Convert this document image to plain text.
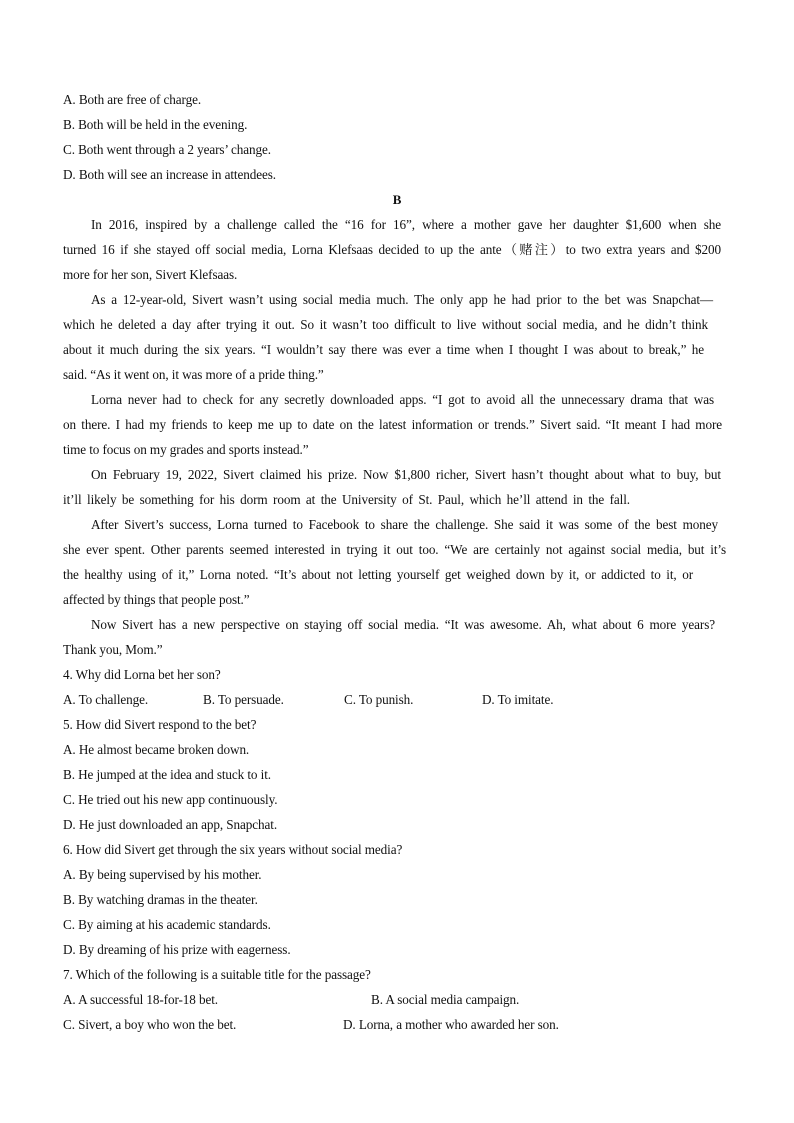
A. Both are free of charge.
B. Both will be held in the evening.
C. Both went through a 2 years’ change.
D. Both will see an increase in attendees.
B
In 2016, inspired by a challenge called the “16 for 16”, where a mother gave her daughter $1,600 when she
turned 16 if she stayed off social media, Lorna Klefsaas decided to up the ante（赌注）to two extra years and $200
more for her son, Sivert Klefsaas.
As a 12-year-old, Sivert wasn’t using social media much. The only app he had prior to the bet was Snapchat—
which he deleted a day after trying it out. So it wasn’t too difficult to live without social media, and he didn’t think
about it much during the six years. “I wouldn’t say there was ever a time when I thought I was about to break,” he
said. “As it went on, it was more of a pride thing.”
Lorna never had to check for any secretly downloaded apps. “I got to avoid all the unnecessary drama that was
on there. I had my friends to keep me up to date on the latest information or trends.” Sivert said. “It meant I had more
time to focus on my grades and sports instead.”
On February 19, 2022, Sivert claimed his prize. Now $1,800 richer, Sivert hasn’t thought about what to buy, but
it’ll likely be something for his dorm room at the University of St. Paul, which he’ll attend in the fall.
After Sivert’s success, Lorna turned to Facebook to share the challenge. She said it was some of the best money
she ever spent. Other parents seemed interested in trying it out too. “We are certainly not against social media, but it’s
the healthy using of it,” Lorna noted. “It’s about not letting yourself get weighed down by it, or addicted to it, or
affected by things that people post.”
Now Sivert has a new perspective on staying off social media. “It was awesome. Ah, what about 6 more years?
Thank you, Mom.”
4. Why did Lorna bet her son?
A. To challenge.	B. To persuade.	C. To punish.	D. To imitate.
5. How did Sivert respond to the bet?
A. He almost became broken down.
B. He jumped at the idea and stuck to it.
C. He tried out his new app continuously.
D. He just downloaded an app, Snapchat.
6. How did Sivert get through the six years without social media?
A. By being supervised by his mother.
B. By watching dramas in the theater.
C. By aiming at his academic standards.
D. By dreaming of his prize with eagerness.
7. Which of the following is a suitable title for the passage?
A. A successful 18-for-18 bet.	B. A social media campaign.
C. Sivert, a boy who won the bet.	D. Lorna, a mother who awarded her son.
